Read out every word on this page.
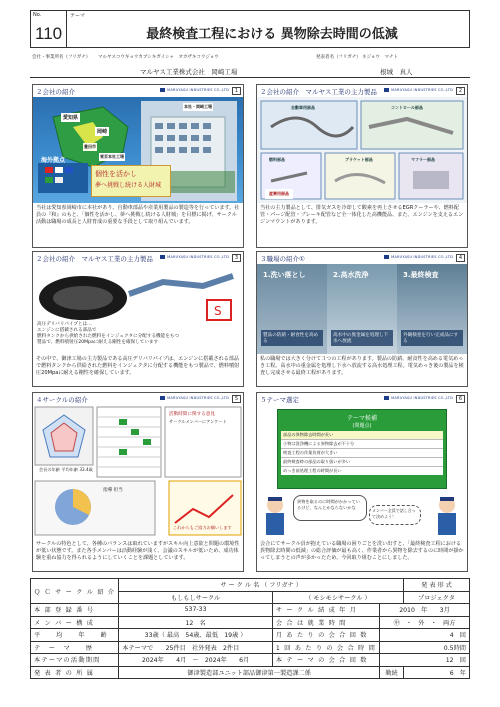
No.
110
テーマ
最終検査工程における 異物除去時間の低減
会社・事業所名（フリガナ） マルヤスコウギョウカブシキガイシャ　オカザキコウジョウ
マルヤス工業株式会社　岡崎工場
発表者名（フリガナ） ネジョウ　マナト
根城　真人
２会社の紹介	MARUYASU INDUSTRIES CO.,LTD	1
愛知県
岡崎
海外拠点
豊田市
本社・岡崎工場
東京本社工場
個性を活かし
夢へ挑戦し続ける人財城
当社は愛知県岡崎市に本社があり、自動車部品や産業用製品の製造等を行っています。社員の『和』のもと、「個性を活かし、夢へ挑戦し続ける人財城」を目標に掲げ、サークル活動は職場の成長と人財育成の重要な手段として取り組んでいます。
２会社の紹介　マルヤス工業の主力製品	MARUYASU INDUSTRIES CO.,LTD	2
自動車用部品	コントロール部品
燃料部品
産業用部品
ブラケット部品	マフラー部品
当社の主力製品として、排気ガスを冷却して酸素を再上させるEGRクーラーや、燃料配管・パージ配管・ブレーキ配管など全一体化した高機能品、また、エンジンを支えるエンジンマウントがあります。
２会社の紹介　マルヤス工業の主力製品	MARUYASU INDUSTRIES CO.,LTD	3
S
高圧デリバリパイプとは…
エンジンに搭載される部品で
燃料タンクから供給された燃料をインジェクタに分配する機能をもつ
製品で、燃料噴射圧20Mpaに耐える剛性を確保しています
その中で、御津工場の主力製品である高圧デリバリパイプは、エンジンに搭載される部品で燃料タンクから供給された燃料をインジェクタに分配する機能をもつ製品で、燃料噴射圧20Mpaに耐える剛性を確保しています。
３職場の紹介①	MARUYASU INDUSTRIES CO.,LTD	4
1.洗い落とし	2.高水洗浄	3.最終検査
製品の防錆・耐食性を高める
高水中の異金属を処理し下水へ放流
外観検査を行い完成品にする
私の職場では大きく分けて３つの工程があります。製品の防錆、耐食性を高める電気めっき工程。高水中の重金属を処理し下水へ放流する高水処理工程。電気めっき後の製品を検査し完成させる最終工程があります。
４サークルの紹介	MARUYASU INDUSTRIES CO.,LTD	5
活動時間に関する意見
サークルメンバーにアンケート
会長の年齢 平均年齢 33.4歳
指導 担当
これからもご協力お願いします
サークルの特色として、各種のバランスは取れていますがスキル向上意欲と問題の環境性が低い状態です。また各手メンバーは活動経験が浅く、会議のスキルが低いため、成功体験を重ね協力を得られるようにしていくことを課題としています。
５テーマ選定	MARUYASU INDUSTRIES CO.,LTD	6
テーマ候補
(問題点)
部品の異物除去時間が長い
小物は洗浄機による異物除去が不十分
検査工程の作業負荷が大きい
最終検査時の部品の取り扱いが多い
めっき前処理工程の時間が長い
異物を取るのに時間がかかっているけど、なんとかならないかな
メンバー全員で話し合って決めよう！
会合にてサークル員が抱えている職場の困りごとを洗い出すと、「最終検査工程における異物除去時間の低減」の総合評価が最も高く、作業者から異物を除去するのに時間が掛かってしまうとの声が多かったため、今回取り組むことにしました。
Ｑ Ｃ サ ー ク ル 紹 介	サ ー ク ル 名 （ フリガナ ）			発 表 形 式
	もしもしサークル	（ モシモシサークル ）		プロジェクタ
本 部 登 録 番 号	537-33	サ ー ク ル 結 成 年 月	2010　年　　3月	
メ ン バ ー 構 成	12　名	会 合 は 就 業 時 間	㊥　・　外　・　両方	
平　　均　　年　　齢	33歳（ 最高　54歳、最低　19歳 ）	月 あ た り の 会 合 回 数	4　回	
テ　ー　マ　　歴	本テーマで　　25件目　社外発表　2件目	1 回 あ た り の 会 合 時 間	0.5時間	
本テーマの活動期間	2024年　　4月　～　2024年　　6月	本 テ ー マ の 会 合 回 数	12　回	
発 表 者 の 所 属	御津製造部ユニット部品御津第一製造課二係		勤続	6　年
